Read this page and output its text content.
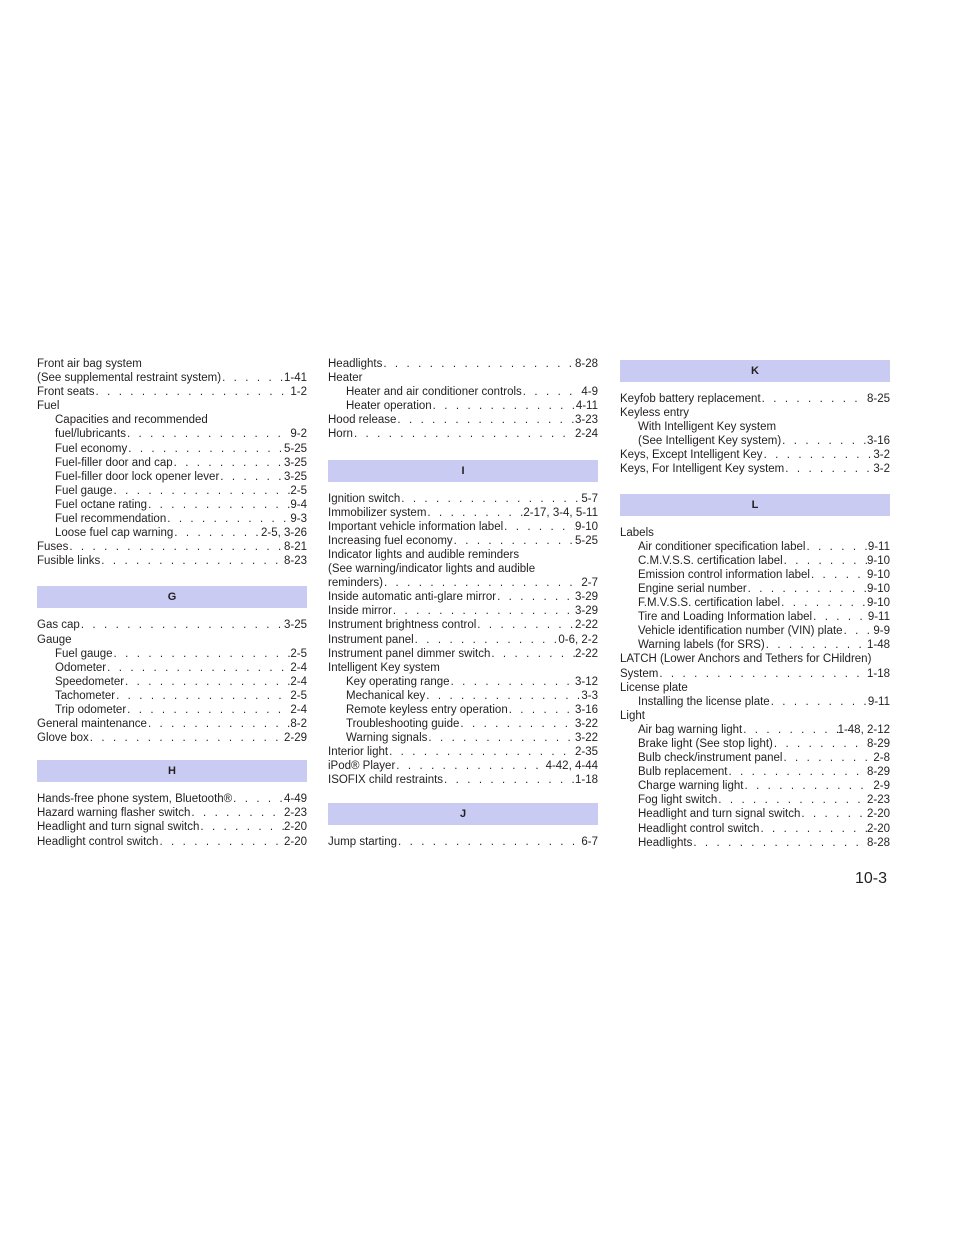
Front air bag system
(See supplemental restraint system) . . .	1-41
Front seats . . .	1-2
Fuel
Capacities and recommended
fuel/lubricants . . .	9-2
Fuel economy . . .	5-25
Fuel-filler door and cap . . .	3-25
Fuel-filler door lock opener lever . . .	3-25
Fuel gauge . . .	2-5
Fuel octane rating . . .	9-4
Fuel recommendation . . .	9-3
Loose fuel cap warning . . .	2-5, 3-26
Fuses . . .	8-21
Fusible links . . .	8-23
G
Gas cap . . .	3-25
Gauge
Fuel gauge . . .	2-5
Odometer . . .	2-4
Speedometer . . .	2-4
Tachometer . . .	2-5
Trip odometer . . .	2-4
General maintenance . . .	8-2
Glove box . . .	2-29
H
Hands-free phone system, Bluetooth® . . .	4-49
Hazard warning flasher switch . . .	2-23
Headlight and turn signal switch . . .	2-20
Headlight control switch . . .	2-20
Headlights . . .	8-28
Heater
Heater and air conditioner controls . . .	4-9
Heater operation . . .	4-11
Hood release . . .	3-23
Horn . . .	2-24
I
Ignition switch . . .	5-7
Immobilizer system . . .	2-17, 3-4, 5-11
Important vehicle information label . . .	9-10
Increasing fuel economy . . .	5-25
Indicator lights and audible reminders
(See warning/indicator lights and audible
reminders) . . .	2-7
Inside automatic anti-glare mirror . . .	3-29
Inside mirror . . .	3-29
Instrument brightness control . . .	2-22
Instrument panel . . .	0-6, 2-2
Instrument panel dimmer switch . . .	2-22
Intelligent Key system
Key operating range . . .	3-12
Mechanical key . . .	3-3
Remote keyless entry operation . . .	3-16
Troubleshooting guide . . .	3-22
Warning signals . . .	3-22
Interior light . . .	2-35
iPod® Player . . .	4-42, 4-44
ISOFIX child restraints . . .	1-18
J
Jump starting . . .	6-7
K
Keyfob battery replacement . . .	8-25
Keyless entry
With Intelligent Key system
(See Intelligent Key system) . . .	3-16
Keys, Except Intelligent Key . . .	3-2
Keys, For Intelligent Key system . . .	3-2
L
Labels
Air conditioner specification label . . .	9-11
C.M.V.S.S. certification label . . .	9-10
Emission control information label . . .	9-10
Engine serial number . . .	9-10
F.M.V.S.S. certification label . . .	9-10
Tire and Loading Information label . . .	9-11
Vehicle identification number (VIN) plate . . .	9-9
Warning labels (for SRS) . . .	1-48
LATCH (Lower Anchors and Tethers for CHildren)
System . . .	1-18
License plate
Installing the license plate . . .	9-11
Light
Air bag warning light . . .	1-48, 2-12
Brake light (See stop light) . . .	8-29
Bulb check/instrument panel . . .	2-8
Bulb replacement . . .	8-29
Charge warning light . . .	2-9
Fog light switch . . .	2-23
Headlight and turn signal switch . . .	2-20
Headlight control switch . . .	2-20
Headlights . . .	8-28
10-3
